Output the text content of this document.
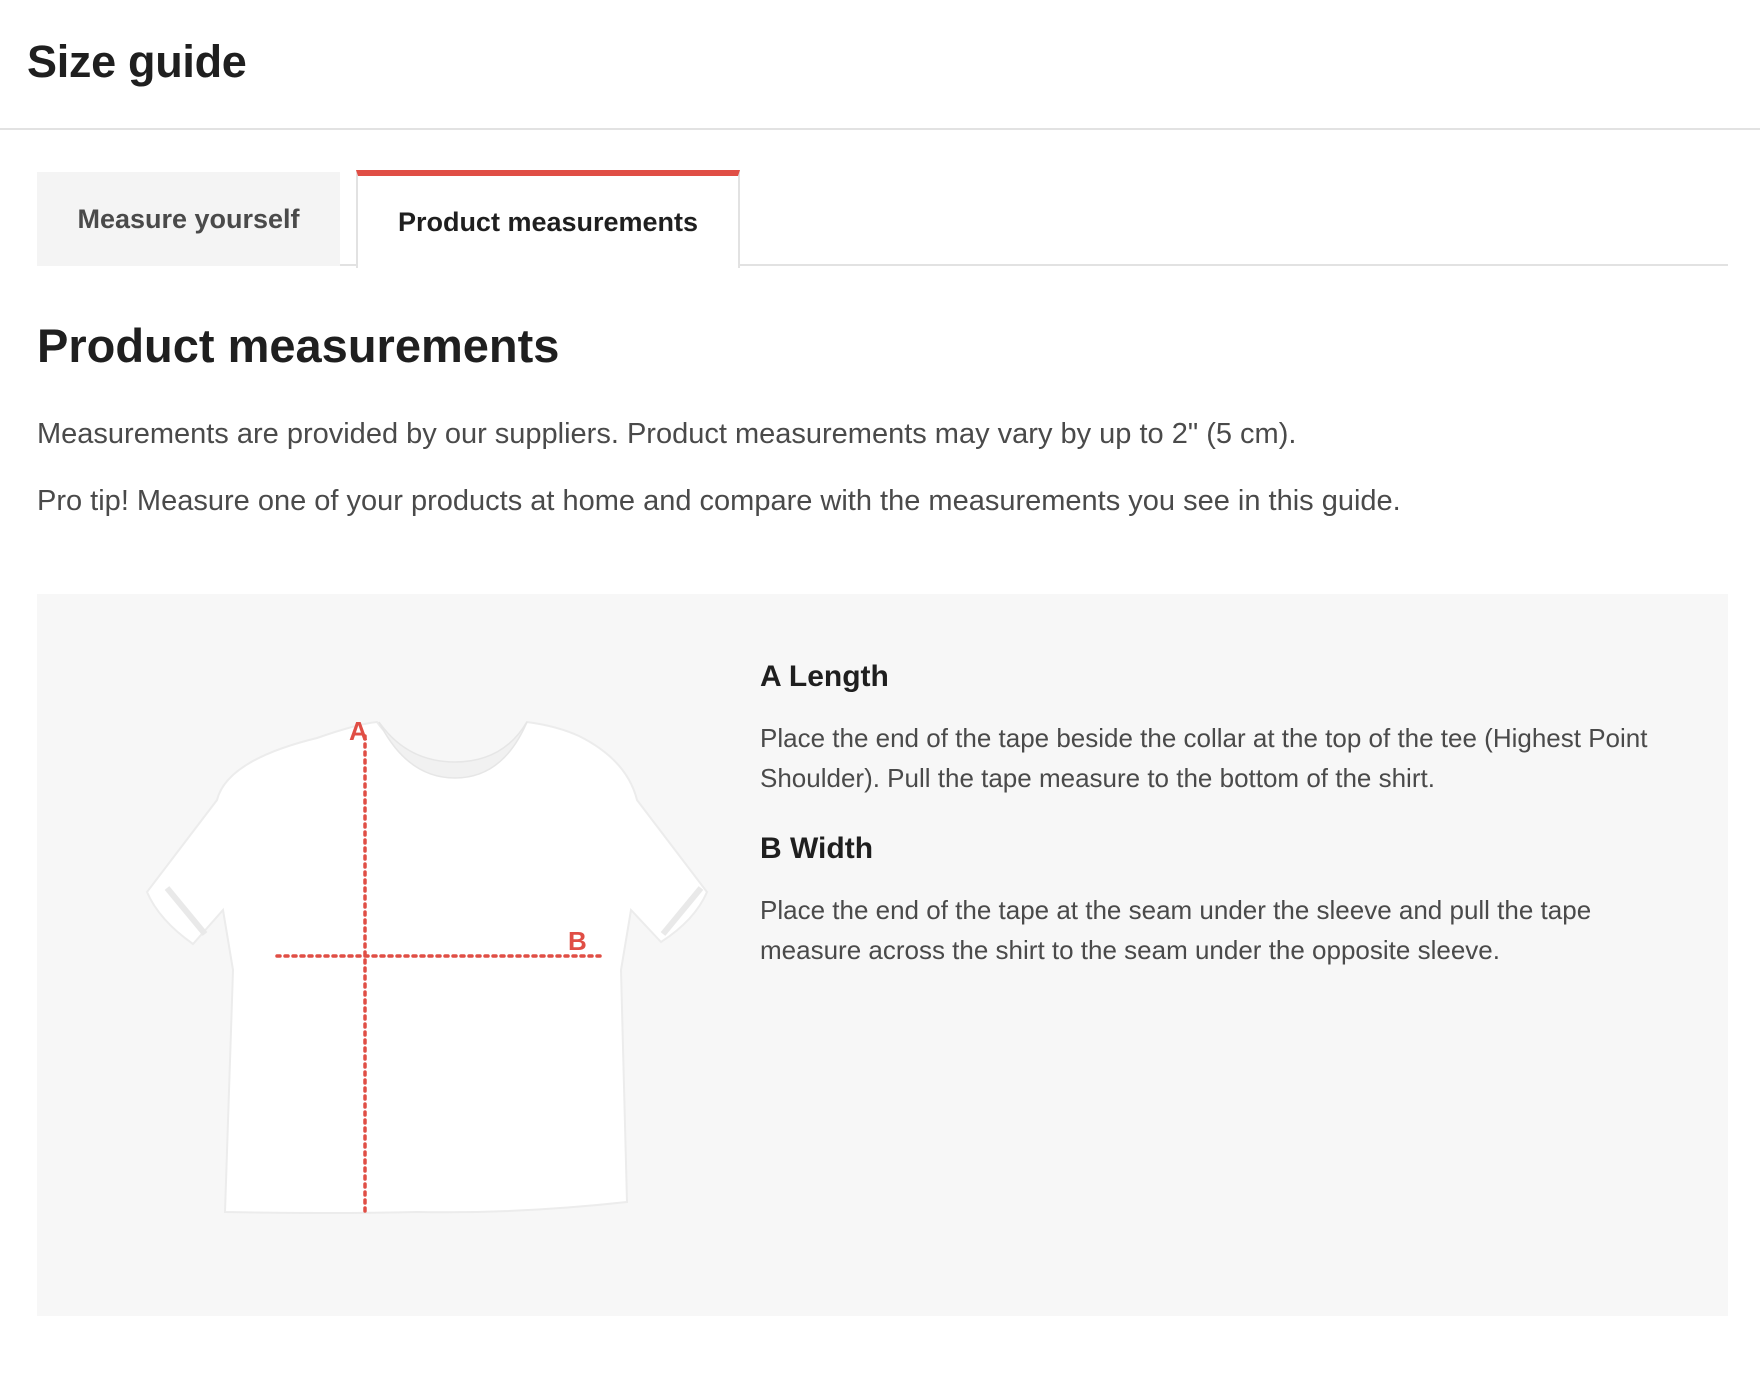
Size guide
Measure yourself	Product measurements
Product measurements

Measurements are provided by our suppliers. Product measurements may vary by up to 2" (5 cm).

Pro tip! Measure one of your products at home and compare with the measurements you see in this guide.

A
B
A Length

Place the end of the tape beside the collar at the top of the tee (Highest Point Shoulder). Pull the tape measure to the bottom of the shirt.

B Width

Place the end of the tape at the seam under the sleeve and pull the tape measure across the shirt to the seam under the opposite sleeve.
